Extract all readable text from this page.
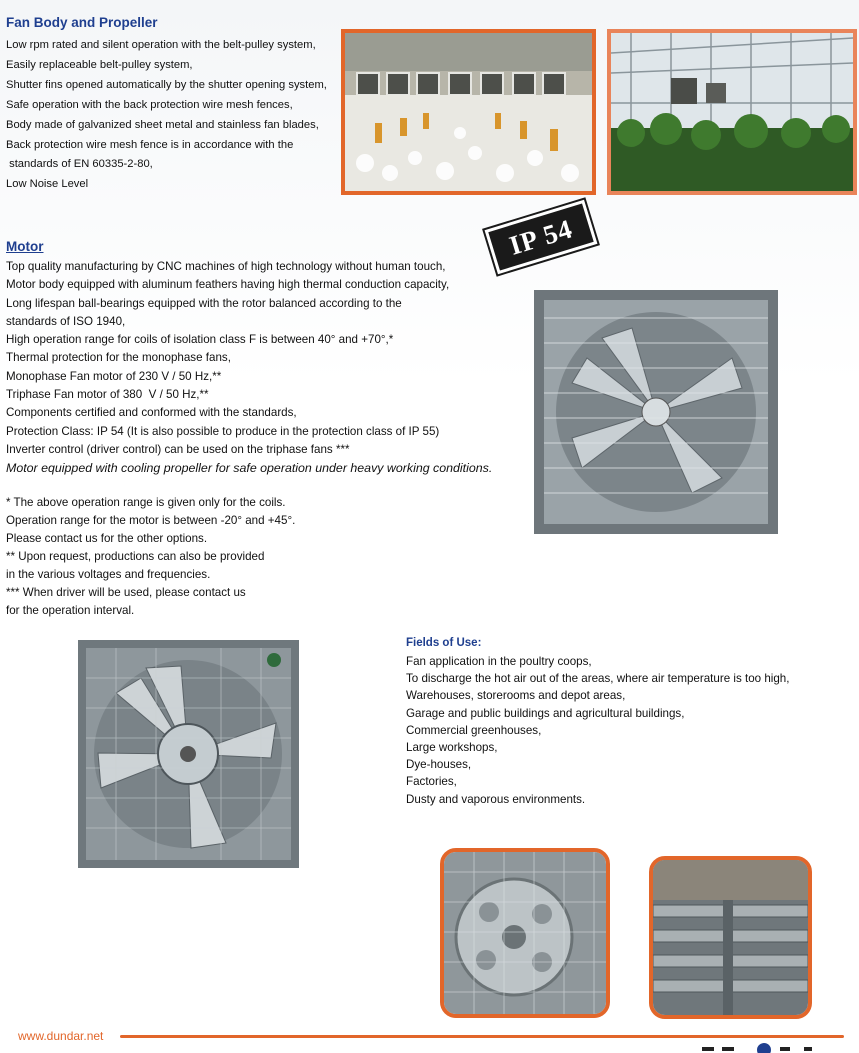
Fan Body and Propeller
Low rpm rated and silent operation with the belt-pulley system,
Easily replaceable belt-pulley system,
Shutter fins opened automatically by the shutter opening system,
Safe operation with the back protection wire mesh fences,
Body made of galvanized sheet metal and stainless fan blades,
Back protection wire mesh fence is in accordance with the
standards of EN 60335-2-80,
Low Noise Level
IP 54
Motor
Top quality manufacturing by CNC machines of high technology without human touch,
Motor body equipped with aluminum feathers having high thermal conduction capacity,
Long lifespan ball-bearings equipped with the rotor balanced according to the
standards of ISO 1940,
High operation range for coils of isolation class F is between 40° and +70°,*
Thermal protection for the monophase fans,
Monophase Fan motor of 230 V / 50 Hz,**
Triphase Fan motor of 380  V / 50 Hz,**
Components certified and conformed with the standards,
Protection Class: IP 54 (It is also possible to produce in the protection class of IP 55)
Inverter control (driver control) can be used on the triphase fans ***
Motor equipped with cooling propeller for safe operation under heavy working conditions.
* The above operation range is given only for the coils.
Operation range for the motor is between -20° and +45°.
Please contact us for the other options.
** Upon request, productions can also be provided
in the various voltages and frequencies.
*** When driver will be used, please contact us
for the operation interval.
Fields of Use:
Fan application in the poultry coops,
To discharge the hot air out of the areas, where air temperature is too high,
Warehouses, storerooms and depot areas,
Garage and public buildings and agricultural buildings,
Commercial greenhouses,
Large workshops,
Dye-houses,
Factories,
Dusty and vaporous environments.
www.dundar.net
